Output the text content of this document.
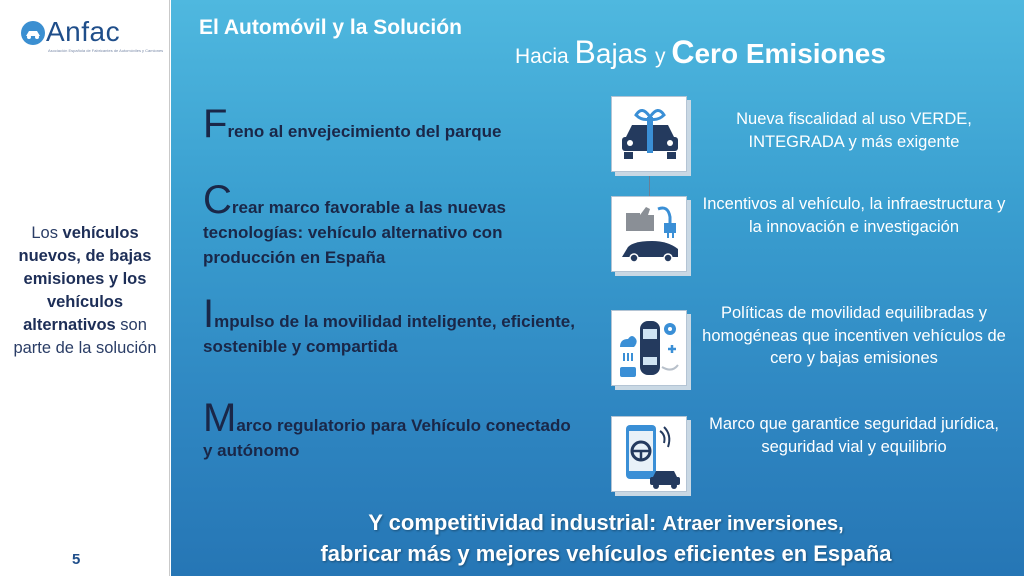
Anfac
Asociación Española de Fabricantes de Automóviles y Camiones
Los vehículos nuevos, de bajas emisiones y los vehículos alternativos son parte de la solución
5
El Automóvil y la Solución
Hacia Bajas y Cero Emisiones
Freno al envejecimiento del parque
Crear marco favorable a las nuevas tecnologías: vehículo alternativo con producción en España
Impulso de la movilidad inteligente, eficiente, sostenible y compartida
Marco regulatorio para Vehículo conectado y autónomo
Nueva fiscalidad al uso VERDE, INTEGRADA y más exigente
Incentivos al vehículo, la infraestructura y la innovación e investigación
Políticas de movilidad equilibradas y homogéneas que incentiven vehículos de cero y bajas emisiones
Marco que garantice seguridad jurídica, seguridad vial y equilibrio
Y competitividad industrial: Atraer inversiones,
fabricar más y mejores vehículos eficientes en España
